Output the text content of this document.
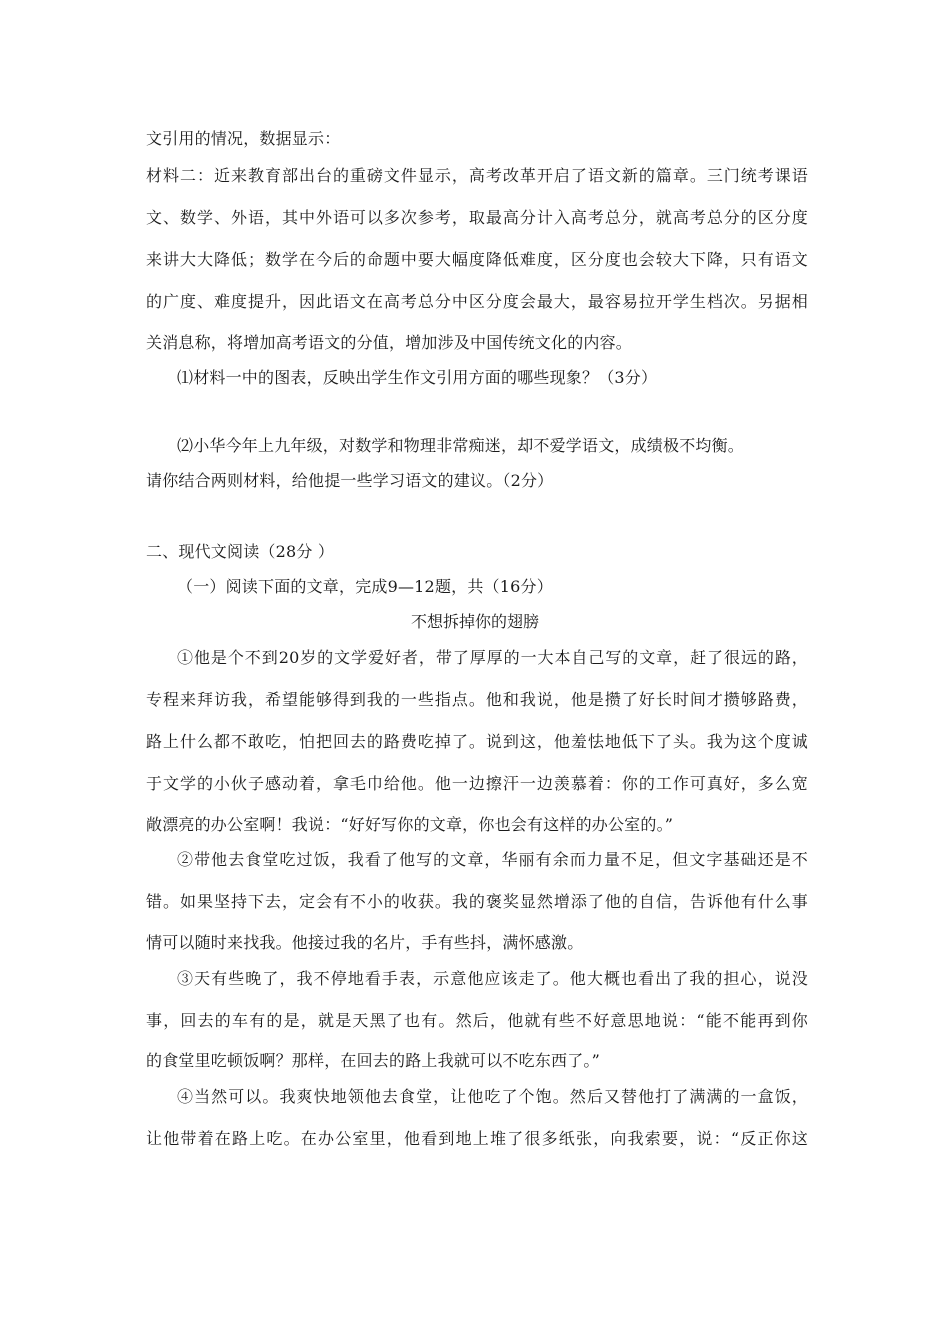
文引用的情况，数据显示：
材料二：近来教育部出台的重磅文件显示，高考改革开启了语文新的篇章。三门统考课语
文、数学、外语，其中外语可以多次参考，取最高分计入高考总分，就高考总分的区分度
来讲大大降低；数学在今后的命题中要大幅度降低难度，区分度也会较大下降，只有语文
的广度、难度提升，因此语文在高考总分中区分度会最大，最容易拉开学生档次。另据相
关消息称，将增加高考语文的分值，增加涉及中国传统文化的内容。
⑴材料一中的图表，反映出学生作文引用方面的哪些现象？（3分）
⑵小华今年上九年级，对数学和物理非常痴迷，却不爱学语文，成绩极不均衡。
请你结合两则材料，给他提一些学习语文的建议。（2分）
二、现代文阅读（28分 ）
（一）阅读下面的文章，完成9—12题，共（16分）
不想拆掉你的翅膀
①他是个不到20岁的文学爱好者，带了厚厚的一大本自己写的文章，赶了很远的路，
专程来拜访我，希望能够得到我的一些指点。他和我说，他是攒了好长时间才攒够路费，
路上什么都不敢吃，怕把回去的路费吃掉了。说到这，他羞怯地低下了头。我为这个度诚
于文学的小伙子感动着，拿毛巾给他。他一边擦汗一边羡慕着：你的工作可真好，多么宽
敞漂亮的办公室啊！我说：“好好写你的文章，你也会有这样的办公室的。”
②带他去食堂吃过饭，我看了他写的文章，华丽有余而力量不足，但文字基础还是不
错。如果坚持下去，定会有不小的收获。我的褒奖显然增添了他的自信，告诉他有什么事
情可以随时来找我。他接过我的名片，手有些抖，满怀感激。
③天有些晚了，我不停地看手表，示意他应该走了。他大概也看出了我的担心，说没
事，回去的车有的是，就是天黑了也有。然后，他就有些不好意思地说：“能不能再到你
的食堂里吃顿饭啊？那样，在回去的路上我就可以不吃东西了。”
④当然可以。我爽快地领他去食堂，让他吃了个饱。然后又替他打了满满的一盒饭，
让他带着在路上吃。在办公室里，他看到地上堆了很多纸张，向我索要，说：“反正你这
